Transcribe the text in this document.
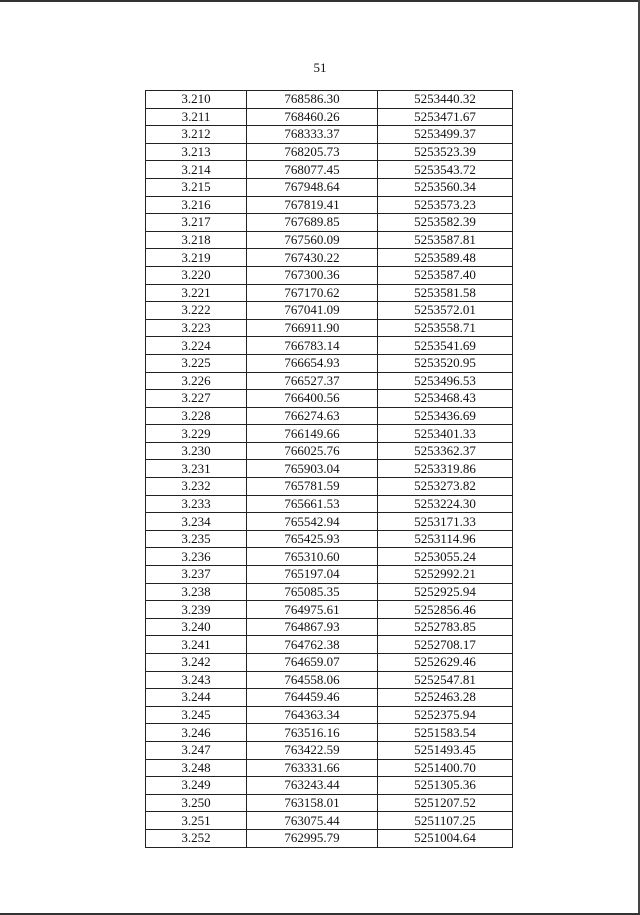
51
3.210	768586.30	5253440.32
3.211	768460.26	5253471.67
3.212	768333.37	5253499.37
3.213	768205.73	5253523.39
3.214	768077.45	5253543.72
3.215	767948.64	5253560.34
3.216	767819.41	5253573.23
3.217	767689.85	5253582.39
3.218	767560.09	5253587.81
3.219	767430.22	5253589.48
3.220	767300.36	5253587.40
3.221	767170.62	5253581.58
3.222	767041.09	5253572.01
3.223	766911.90	5253558.71
3.224	766783.14	5253541.69
3.225	766654.93	5253520.95
3.226	766527.37	5253496.53
3.227	766400.56	5253468.43
3.228	766274.63	5253436.69
3.229	766149.66	5253401.33
3.230	766025.76	5253362.37
3.231	765903.04	5253319.86
3.232	765781.59	5253273.82
3.233	765661.53	5253224.30
3.234	765542.94	5253171.33
3.235	765425.93	5253114.96
3.236	765310.60	5253055.24
3.237	765197.04	5252992.21
3.238	765085.35	5252925.94
3.239	764975.61	5252856.46
3.240	764867.93	5252783.85
3.241	764762.38	5252708.17
3.242	764659.07	5252629.46
3.243	764558.06	5252547.81
3.244	764459.46	5252463.28
3.245	764363.34	5252375.94
3.246	763516.16	5251583.54
3.247	763422.59	5251493.45
3.248	763331.66	5251400.70
3.249	763243.44	5251305.36
3.250	763158.01	5251207.52
3.251	763075.44	5251107.25
3.252	762995.79	5251004.64
